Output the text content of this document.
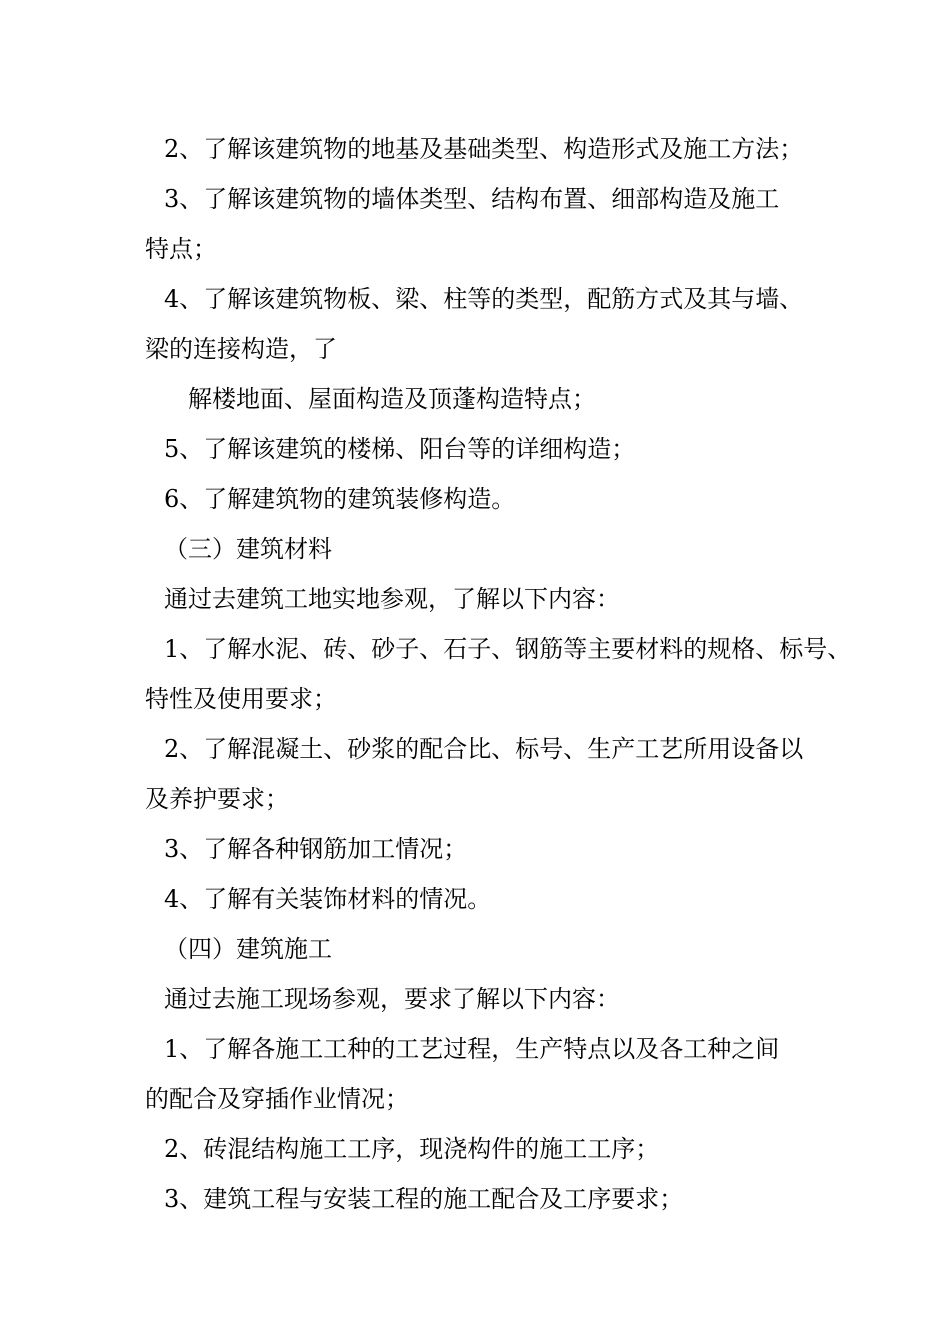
2、了解该建筑物的地基及基础类型、构造形式及施工方法；
3、了解该建筑物的墙体类型、结构布置、细部构造及施工
特点；
4、了解该建筑物板、梁、柱等的类型，配筋方式及其与墙、
梁的连接构造，了
解楼地面、屋面构造及顶蓬构造特点；
5、了解该建筑的楼梯、阳台等的详细构造；
6、了解建筑物的建筑装修构造。
（三）建筑材料
通过去建筑工地实地参观，了解以下内容：
1、了解水泥、砖、砂子、石子、钢筋等主要材料的规格、标号、
特性及使用要求；
2、了解混凝土、砂浆的配合比、标号、生产工艺所用设备以
及养护要求；
3、了解各种钢筋加工情况；
4、了解有关装饰材料的情况。
（四）建筑施工
通过去施工现场参观，要求了解以下内容：
1、了解各施工工种的工艺过程，生产特点以及各工种之间
的配合及穿插作业情况；
2、砖混结构施工工序，现浇构件的施工工序；
3、建筑工程与安装工程的施工配合及工序要求；
